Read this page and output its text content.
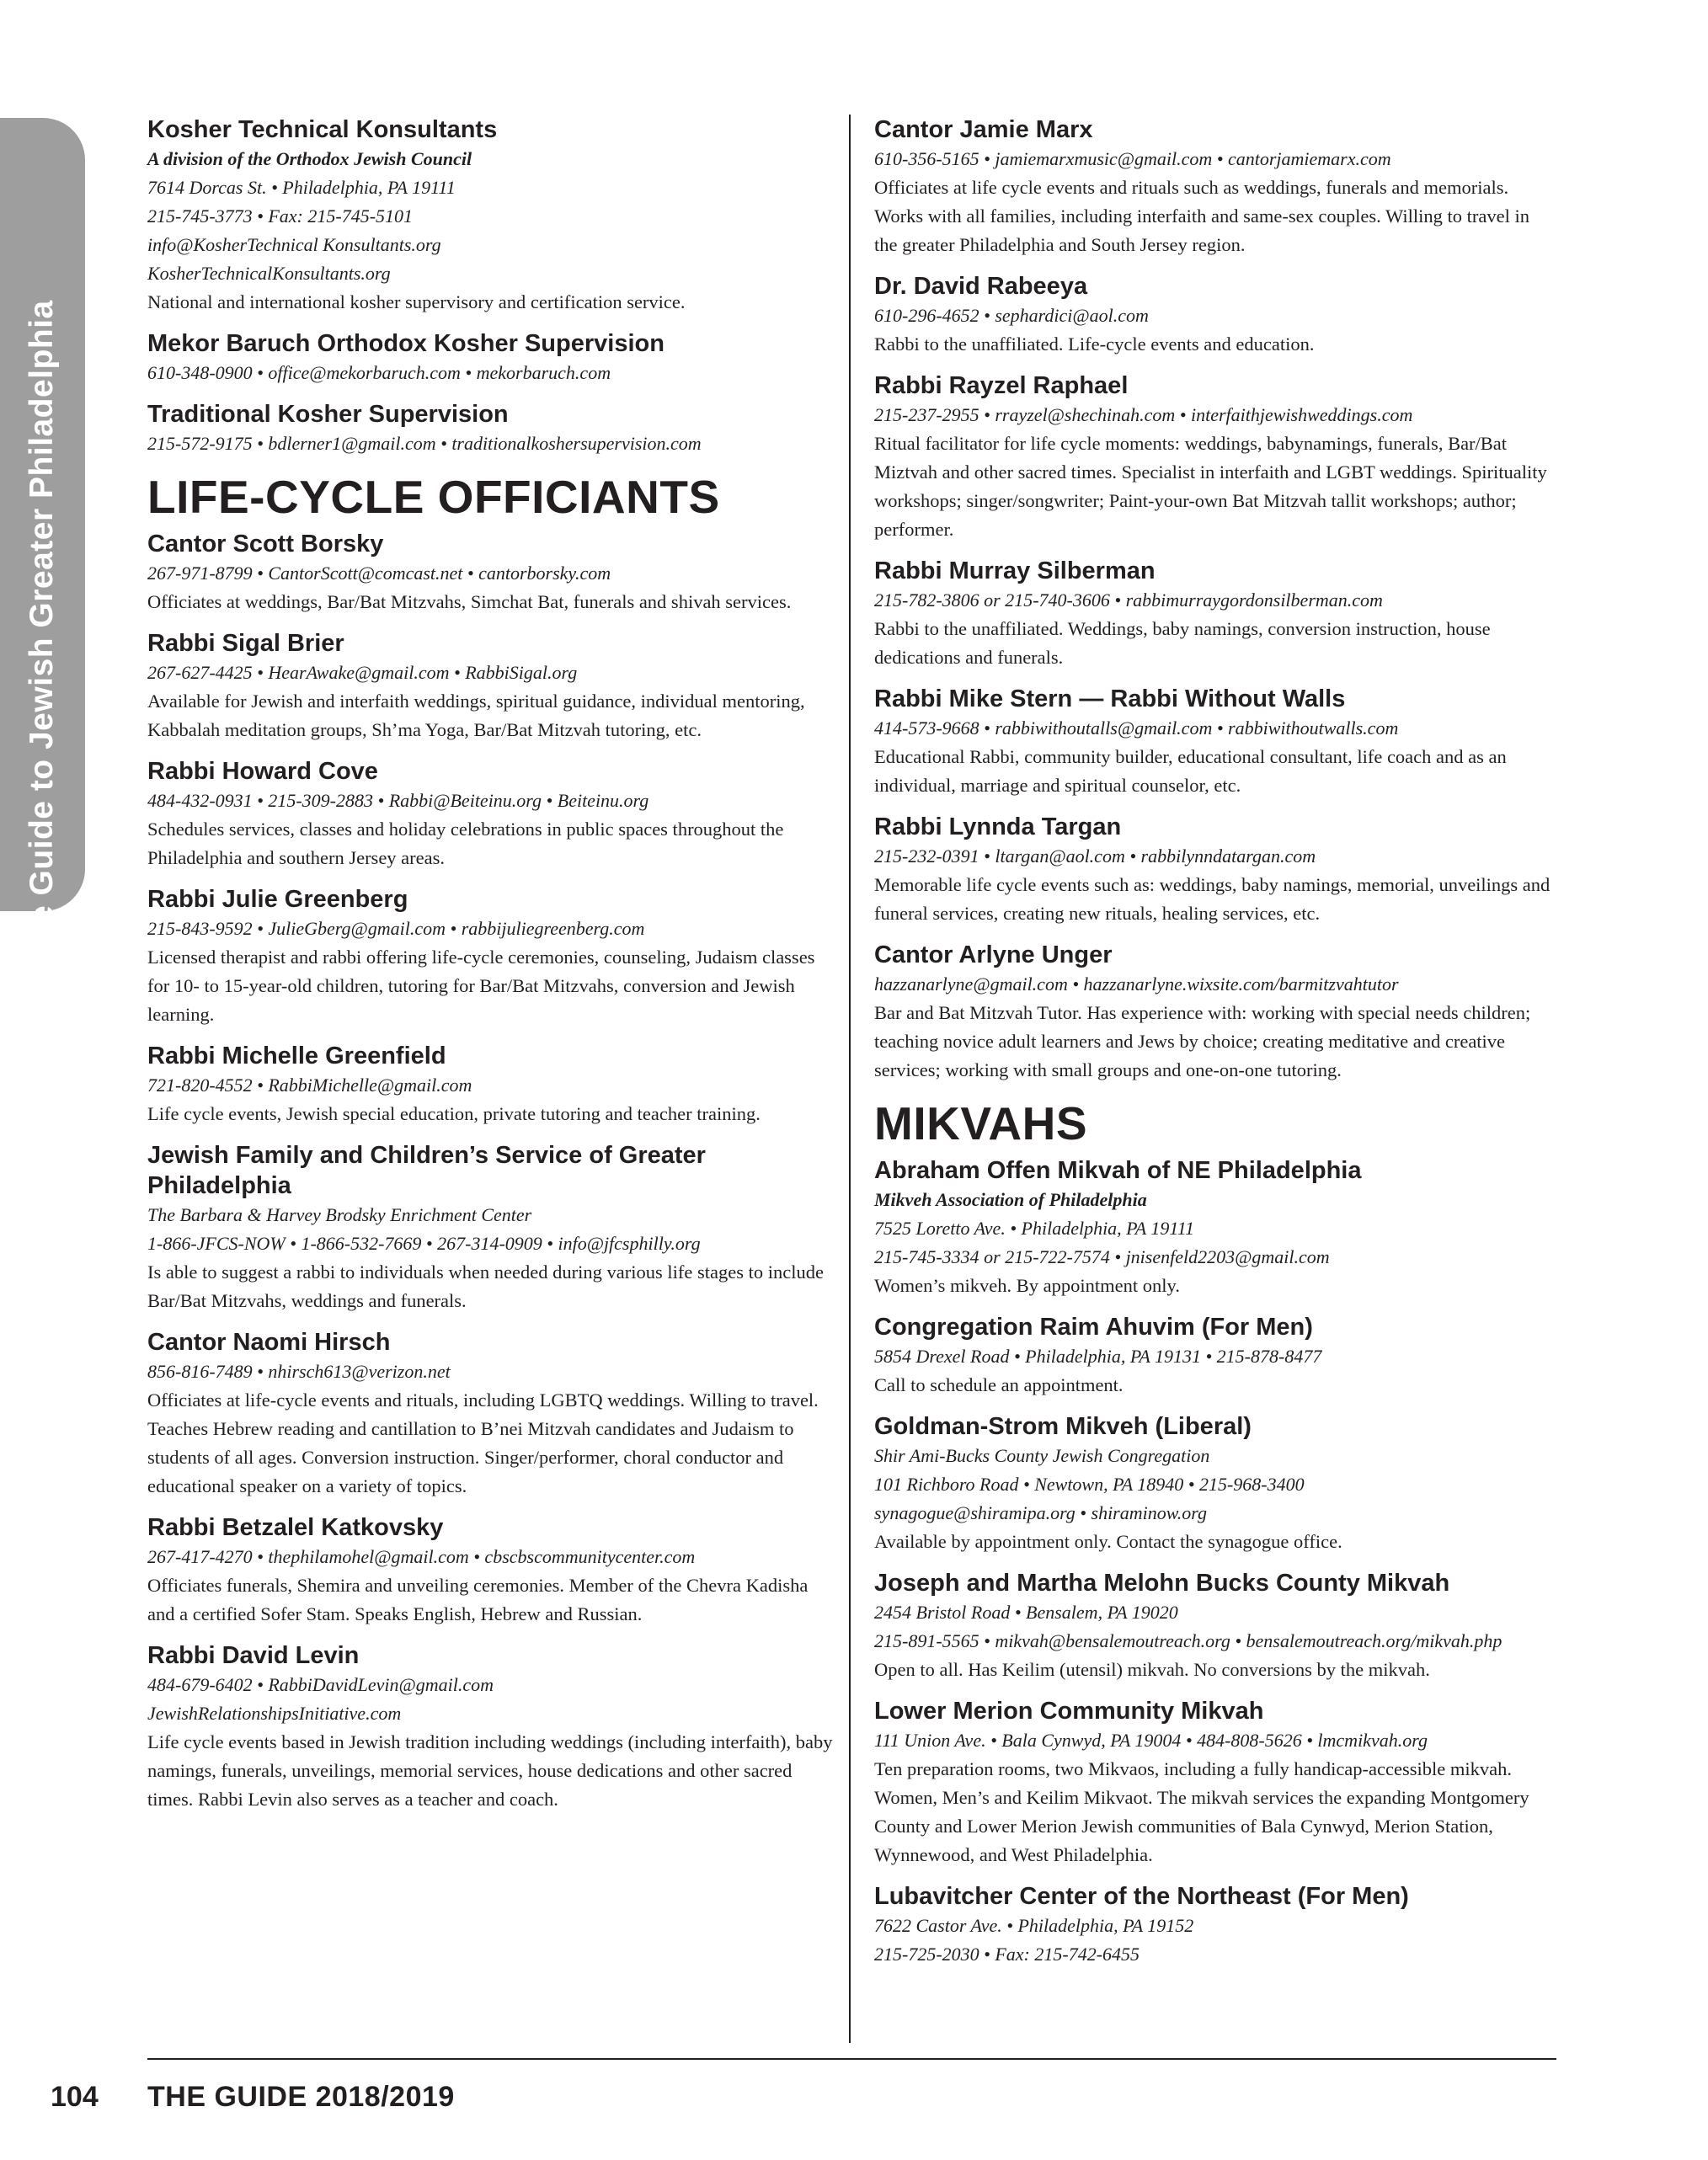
The Guide to Jewish Greater Philadelphia
Kosher Technical Konsultants
A division of the Orthodox Jewish Council
7614 Dorcas St. • Philadelphia, PA 19111
215-745-3773 • Fax: 215-745-5101
info@KosherTechnical Konsultants.org
KosherTechnicalKonsultants.org
National and international kosher supervisory and certification service.
Mekor Baruch Orthodox Kosher Supervision
610-348-0900 • office@mekorbaruch.com • mekorbaruch.com
Traditional Kosher Supervision
215-572-9175 • bdlerner1@gmail.com • traditionalkoshersupervision.com
LIFE-CYCLE OFFICIANTS
Cantor Scott Borsky
267-971-8799 • CantorScott@comcast.net • cantorborsky.com
Officiates at weddings, Bar/Bat Mitzvahs, Simchat Bat, funerals and shivah services.
Rabbi Sigal Brier
267-627-4425 • HearAwake@gmail.com • RabbiSigal.org
Available for Jewish and interfaith weddings, spiritual guidance, individual mentoring, Kabbalah meditation groups, Sh’ma Yoga, Bar/Bat Mitzvah tutoring, etc.
Rabbi Howard Cove
484-432-0931 • 215-309-2883 • Rabbi@Beiteinu.org • Beiteinu.org
Schedules services, classes and holiday celebrations in public spaces throughout the Philadelphia and southern Jersey areas.
Rabbi Julie Greenberg
215-843-9592 • JulieGberg@gmail.com • rabbijuliegreenberg.com
Licensed therapist and rabbi offering life-cycle ceremonies, counseling, Judaism classes for 10- to 15-year-old children, tutoring for Bar/Bat Mitzvahs, conversion and Jewish learning.
Rabbi Michelle Greenfield
721-820-4552 • RabbiMichelle@gmail.com
Life cycle events, Jewish special education, private tutoring and teacher training.
Jewish Family and Children’s Service of Greater Philadelphia
The Barbara & Harvey Brodsky Enrichment Center
1-866-JFCS-NOW • 1-866-532-7669 • 267-314-0909 • info@jfcsphilly.org
Is able to suggest a rabbi to individuals when needed during various life stages to include Bar/Bat Mitzvahs, weddings and funerals.
Cantor Naomi Hirsch
856-816-7489 • nhirsch613@verizon.net
Officiates at life-cycle events and rituals, including LGBTQ weddings. Willing to travel. Teaches Hebrew reading and cantillation to B’nei Mitzvah candidates and Judaism to students of all ages. Conversion instruction. Singer/performer, choral conductor and educational speaker on a variety of topics.
Rabbi Betzalel Katkovsky
267-417-4270 • thephilamohel@gmail.com • cbscbscommunitycenter.com
Officiates funerals, Shemira and unveiling ceremonies. Member of the Chevra Kadisha and a certified Sofer Stam. Speaks English, Hebrew and Russian.
Rabbi David Levin
484-679-6402 • RabbiDavidLevin@gmail.com
JewishRelationshipsInitiative.com
Life cycle events based in Jewish tradition including weddings (including interfaith), baby namings, funerals, unveilings, memorial services, house dedications and other sacred times. Rabbi Levin also serves as a teacher and coach.
Cantor Jamie Marx
610-356-5165 • jamiemarxmusic@gmail.com • cantorjamiemarx.com
Officiates at life cycle events and rituals such as weddings, funerals and memorials. Works with all families, including interfaith and same-sex couples. Willing to travel in the greater Philadelphia and South Jersey region.
Dr. David Rabeeya
610-296-4652 • sephardici@aol.com
Rabbi to the unaffiliated. Life-cycle events and education.
Rabbi Rayzel Raphael
215-237-2955 • rrayzel@shechinah.com • interfaithjewishweddings.com
Ritual facilitator for life cycle moments: weddings, babynamings, funerals, Bar/Bat Miztvah and other sacred times. Specialist in interfaith and LGBT weddings. Spirituality workshops; singer/songwriter; Paint-your-own Bat Mitzvah tallit workshops; author; performer.
Rabbi Murray Silberman
215-782-3806 or 215-740-3606 • rabbimurraygordonsilberman.com
Rabbi to the unaffiliated. Weddings, baby namings, conversion instruction, house dedications and funerals.
Rabbi Mike Stern — Rabbi Without Walls
414-573-9668 • rabbiwithoutalls@gmail.com • rabbiwithoutwalls.com
Educational Rabbi, community builder, educational consultant, life coach and as an individual, marriage and spiritual counselor, etc.
Rabbi Lynnda Targan
215-232-0391 • ltargan@aol.com • rabbilynndatargan.com
Memorable life cycle events such as: weddings, baby namings, memorial, unveilings and funeral services, creating new rituals, healing services, etc.
Cantor Arlyne Unger
hazzanarlyne@gmail.com • hazzanarlyne.wixsite.com/barmitzvahtutor
Bar and Bat Mitzvah Tutor. Has experience with: working with special needs children; teaching novice adult learners and Jews by choice; creating meditative and creative services; working with small groups and one-on-one tutoring.
MIKVAHS
Abraham Offen Mikvah of NE Philadelphia
Mikveh Association of Philadelphia
7525 Loretto Ave. • Philadelphia, PA 19111
215-745-3334 or 215-722-7574 • jnisenfeld2203@gmail.com
Women’s mikveh. By appointment only.
Congregation Raim Ahuvim (For Men)
5854 Drexel Road • Philadelphia, PA 19131 • 215-878-8477
Call to schedule an appointment.
Goldman-Strom Mikveh (Liberal)
Shir Ami-Bucks County Jewish Congregation
101 Richboro Road • Newtown, PA 18940 • 215-968-3400
synagogue@shiramipa.org • shiraminow.org
Available by appointment only. Contact the synagogue office.
Joseph and Martha Melohn Bucks County Mikvah
2454 Bristol Road • Bensalem, PA 19020
215-891-5565 • mikvah@bensalemoutreach.org • bensalemoutreach.org/mikvah.php
Open to all. Has Keilim (utensil) mikvah. No conversions by the mikvah.
Lower Merion Community Mikvah
111 Union Ave. • Bala Cynwyd, PA 19004 • 484-808-5626 • lmcmikvah.org
Ten preparation rooms, two Mikvaos, including a fully handicap-accessible mikvah. Women, Men’s and Keilim Mikvaot. The mikvah services the expanding Montgomery County and Lower Merion Jewish communities of Bala Cynwyd, Merion Station, Wynnewood, and West Philadelphia.
Lubavitcher Center of the Northeast (For Men)
7622 Castor Ave. • Philadelphia, PA 19152
215-725-2030 • Fax: 215-742-6455
104 THE GUIDE 2018/2019
